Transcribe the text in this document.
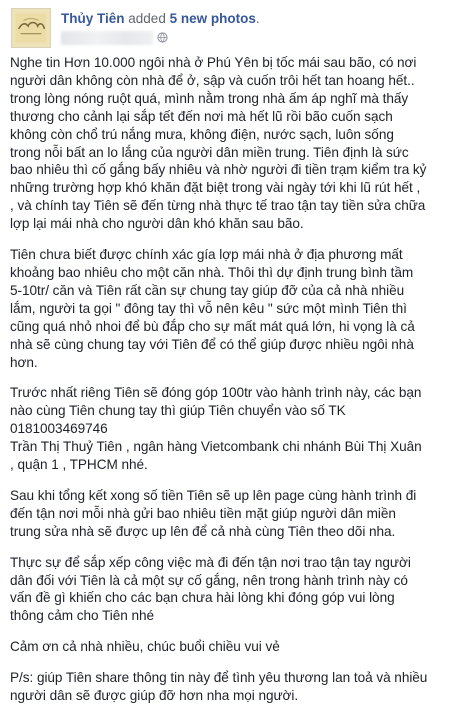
Thủy Tiên added 5 new photos.
Nghe tin Hơn 10.000 ngôi nhà ở Phú Yên bị tốc mái sau bão, có nơi
người dân không còn nhà để ở, sập và cuốn trôi hết tan hoang hết..
trong lòng nóng ruột quá, mình nằm trong nhà ấm áp nghĩ mà thấy
thương cho cảnh lại sắp tết đến nơi mà hết lũ rồi bão cuốn sạch
không còn chổ trú nắng mưa, không điện, nước sạch, luôn sống
trong nỗi bất an lo lắng của người dân miền trung. Tiên định là sức
bao nhiêu thì cố gắng bấy nhiêu và nhờ người đi tiền trạm kiểm tra kỷ
những trường hợp khó khăn đặt biệt trong vài ngày tới khi lũ rút hết ,
, và chính tay Tiên sẽ đến từng nhà thực tế trao tận tay tiền sửa chữa
lợp lại mái nhà cho người dân khó khăn sau bão.
Tiên chưa biết được chính xác gía lợp mái nhà ở địa phương mất
khoảng bao nhiêu cho một căn nhà. Thôi thì dự định trung bình tầm
5-10tr/ căn và Tiên rất cần sự chung tay giúp đỡ của cả nhà nhiều
lắm, người ta gọi " đông tay thì vỗ nên kêu " sức một mình Tiên thì
cũng quá nhỏ nhoi để bù đắp cho sự mất mát quá lớn, hi vọng là cả
nhà sẽ cùng chung tay với Tiên để có thể giúp được nhiều ngôi nhà
hơn.
Trước nhất riêng Tiên sẽ đóng góp 100tr vào hành trình này, các bạn
nào cùng Tiên chung tay thì giúp Tiên chuyển vào số TK
0181003469746
Trần Thị Thuỷ Tiên , ngân hàng Vietcombank chi nhánh Bùi Thị Xuân
, quận 1 , TPHCM nhé.
Sau khi tổng kết xong số tiền Tiên sẽ up lên page cùng hành trình đi
đến tận nơi mỗi nhà gửi bao nhiêu tiền mặt giúp người dân miền
trung sửa nhà sẽ được up lên để cả nhà cùng Tiên theo dõi nha.
Thực sự để sắp xếp công việc mà đi đến tận nơi trao tận tay người
dân đối với Tiên là cả một sự cố gắng, nên trong hành trình này có
vấn đề gì khiến cho các bạn chưa hài lòng khi đóng góp vui lòng
thông cảm cho Tiên nhé
Cảm ơn cả nhà nhiều, chúc buổi chiều vui vẻ
P/s: giúp Tiên share thông tin này để tình yêu thương lan toả và nhiều
người dân sẽ được giúp đỡ hơn nha mọi người.
